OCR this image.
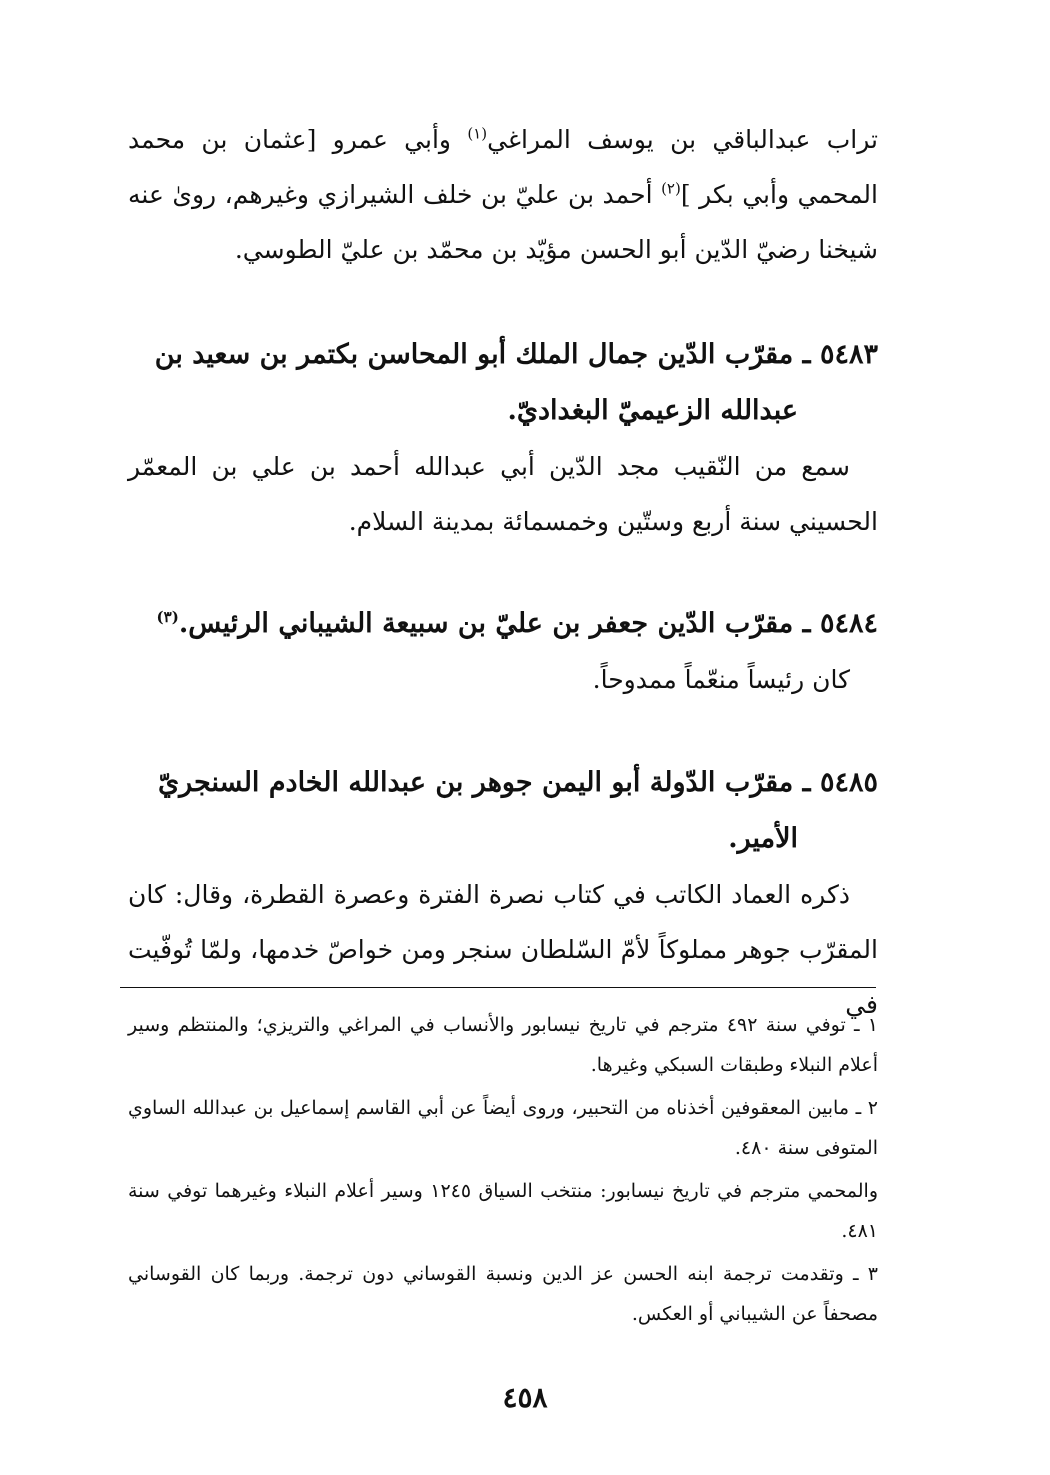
تراب عبدالباقي بن يوسف المراغي$^{(١)}$ وأبي عمرو [عثمان بن محمد المحمي وأبي بكر ]$^{(٢)}$ أحمد بن عليّ بن خلف الشيرازي وغيرهم، روىٰ عنه شيخنا رضيّ الدّين أبو الحسن مؤيّد بن محمّد بن عليّ الطوسي.

٥٤٨٣ ـ مقرّب الدّين جمال الملك أبو المحاسن بكتمر بن سعيد بن عبدالله الزعيميّ البغداديّ.

سمع من النّقيب مجد الدّين أبي عبدالله أحمد بن علي بن المعمّر الحسيني سنة أربع وستّين وخمسمائة بمدينة السلام.

٥٤٨٤ ـ مقرّب الدّين جعفر بن عليّ بن سبيعة الشيباني الرئيس.$^{(٣)}$

كان رئيساً منعّماً ممدوحاً.

٥٤٨٥ ـ مقرّب الدّولة أبو اليمن جوهر بن عبدالله الخادم السنجريّ الأمير.

ذكره العماد الكاتب في كتاب نصرة الفترة وعصرة القطرة، وقال: كان المقرّب جوهر مملوكاً لأمّ السّلطان سنجر ومن خواصّ خدمها، ولمّا تُوفّيت في

١ ـ توفي سنة ٤٩٢ مترجم في تاريخ نيسابور والأنساب في المراغي والتريزي؛ والمنتظم وسير أعلام النبلاء وطبقات السبكي وغيرها.

٢ ـ مابين المعقوفين أخذناه من التحبير، وروى أيضاً عن أبي القاسم إسماعيل بن عبدالله الساوي المتوفى سنة ٤٨٠.

والمحمي مترجم في تاريخ نيسابور: منتخب السياق ١٢٤٥ وسير أعلام النبلاء وغيرهما توفي سنة ٤٨١.

٣ ـ وتقدمت ترجمة ابنه الحسن عز الدين ونسبة القوساني دون ترجمة. وربما كان القوساني مصحفاً عن الشيباني أو العكس.

٤٥٨
